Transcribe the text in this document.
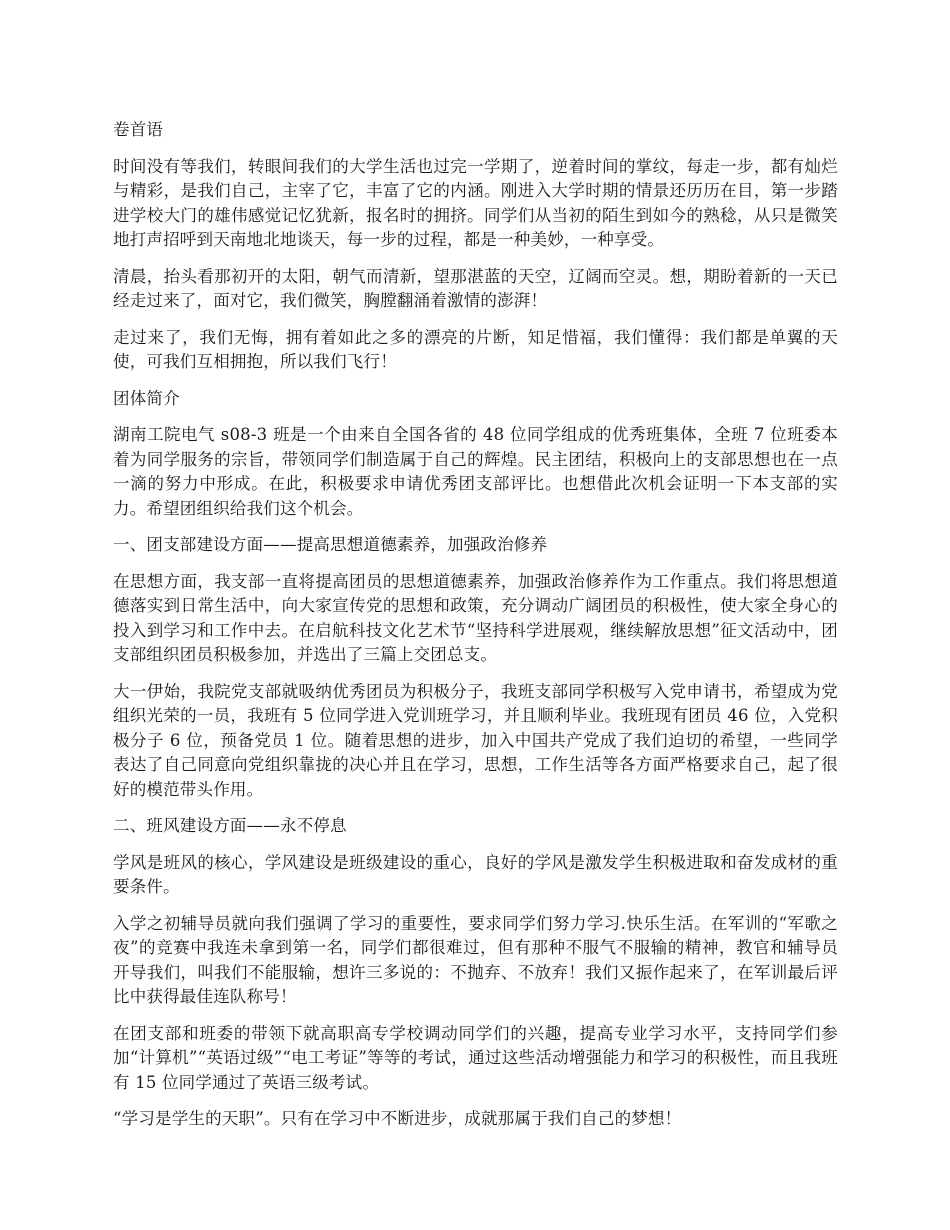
卷首语

时间没有等我们，转眼间我们的大学生活也过完一学期了，逆着时间的掌纹，每走一步，都有灿烂与精彩，是我们自己，主宰了它，丰富了它的内涵。刚进入大学时期的情景还历历在目，第一步踏进学校大门的雄伟感觉记忆犹新，报名时的拥挤。同学们从当初的陌生到如今的熟稔，从只是微笑地打声招呼到天南地北地谈天，每一步的过程，都是一种美妙，一种享受。

清晨，抬头看那初开的太阳，朝气而清新，望那湛蓝的天空，辽阔而空灵。想，期盼着新的一天已经走过来了，面对它，我们微笑，胸膛翻涌着激情的澎湃！

走过来了，我们无悔，拥有着如此之多的漂亮的片断，知足惜福，我们懂得：我们都是单翼的天使，可我们互相拥抱，所以我们飞行！

团体简介

湖南工院电气 s08-3 班是一个由来自全国各省的 48 位同学组成的优秀班集体，全班 7 位班委本着为同学服务的宗旨，带领同学们制造属于自己的辉煌。民主团结，积极向上的支部思想也在一点一滴的努力中形成。在此，积极要求申请优秀团支部评比。也想借此次机会证明一下本支部的实力。希望团组织给我们这个机会。

一、团支部建设方面——提高思想道德素养，加强政治修养

在思想方面，我支部一直将提高团员的思想道德素养，加强政治修养作为工作重点。我们将思想道德落实到日常生活中，向大家宣传党的思想和政策，充分调动广阔团员的积极性，使大家全身心的投入到学习和工作中去。在启航科技文化艺术节“坚持科学进展观，继续解放思想”征文活动中，团支部组织团员积极参加，并选出了三篇上交团总支。

大一伊始，我院党支部就吸纳优秀团员为积极分子，我班支部同学积极写入党申请书，希望成为党组织光荣的一员，我班有 5 位同学进入党训班学习，并且顺利毕业。我班现有团员 46 位，入党积极分子 6 位，预备党员 1 位。随着思想的进步，加入中国共产党成了我们迫切的希望，一些同学表达了自己同意向党组织靠拢的决心并且在学习，思想，工作生活等各方面严格要求自己，起了很好的模范带头作用。

二、班风建设方面——永不停息

学风是班风的核心，学风建设是班级建设的重心，良好的学风是激发学生积极进取和奋发成材的重要条件。

入学之初辅导员就向我们强调了学习的重要性，要求同学们努力学习.快乐生活。在军训的“军歌之夜”的竞赛中我连未拿到第一名，同学们都很难过，但有那种不服气不服输的精神，教官和辅导员开导我们，叫我们不能服输，想许三多说的：不抛弃、不放弃！我们又振作起来了，在军训最后评比中获得最佳连队称号！

在团支部和班委的带领下就高职高专学校调动同学们的兴趣，提高专业学习水平，支持同学们参加“计算机”“英语过级”“电工考证”等等的考试，通过这些活动增强能力和学习的积极性，而且我班有 15 位同学通过了英语三级考试。

“学习是学生的天职”。只有在学习中不断进步，成就那属于我们自己的梦想！
